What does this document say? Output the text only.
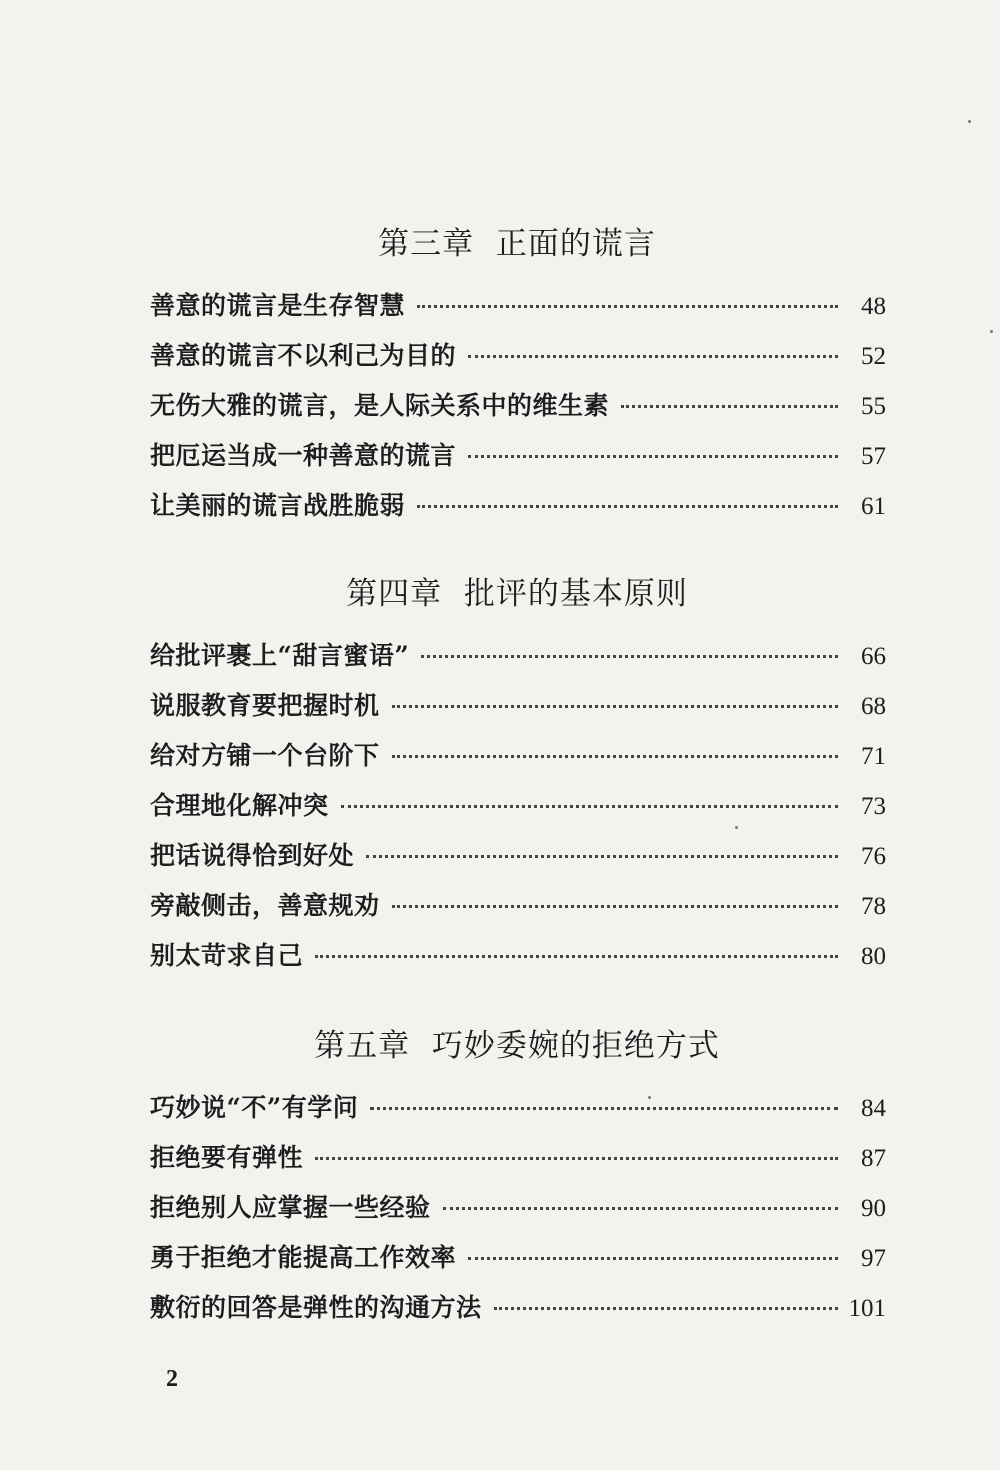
第三章  正面的谎言
善意的谎言是生存智慧	48
善意的谎言不以利己为目的	52
无伤大雅的谎言，是人际关系中的维生素	55
把厄运当成一种善意的谎言	57
让美丽的谎言战胜脆弱	61
第四章  批评的基本原则
给批评裹上“甜言蜜语”	66
说服教育要把握时机	68
给对方铺一个台阶下	71
合理地化解冲突	73
把话说得恰到好处	76
旁敲侧击，善意规劝	78
别太苛求自己	80
第五章  巧妙委婉的拒绝方式
巧妙说“不”有学问	84
拒绝要有弹性	87
拒绝别人应掌握一些经验	90
勇于拒绝才能提高工作效率	97
敷衍的回答是弹性的沟通方法	101
2
